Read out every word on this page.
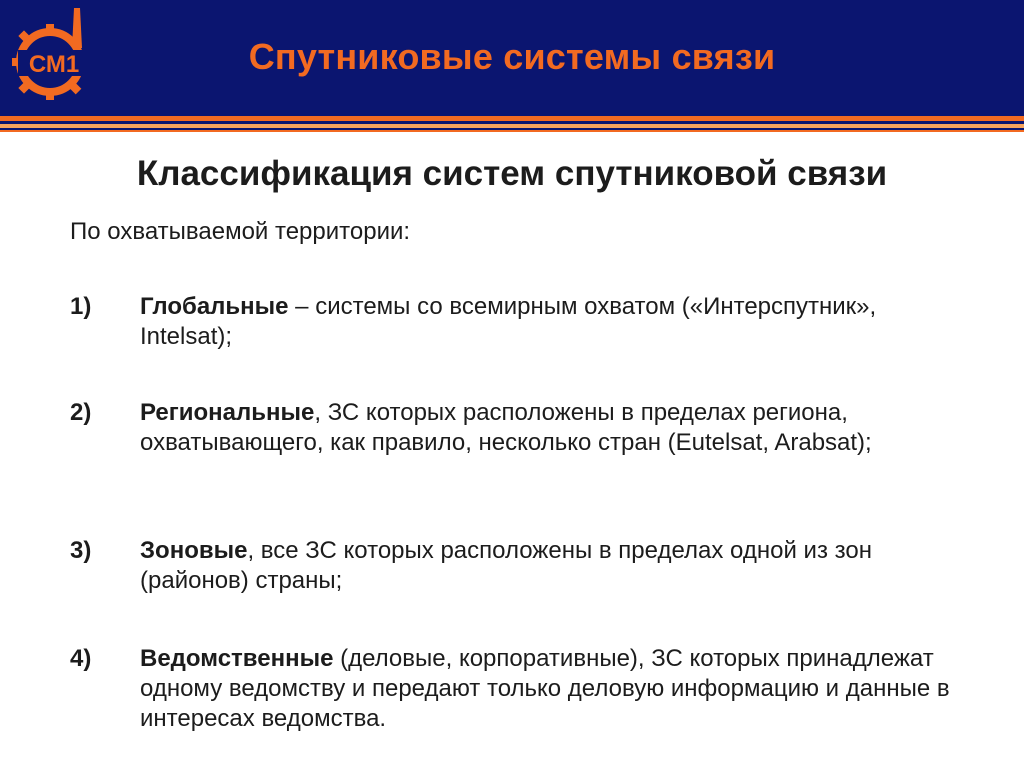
СМ1	Спутниковые системы связи
Классификация систем спутниковой связи
По охватываемой территории:
1)	Глобальные – системы со всемирным охватом («Интерспутник», Intelsat);
2)	Региональные, ЗС которых расположены в пределах региона, охватывающего, как правило, несколько стран (Eutelsat, Arabsat);
3)	Зоновые, все ЗС которых расположены в пределах одной из зон (районов) страны;
4)	Ведомственные (деловые, корпоративные), ЗС которых принадлежат одному ведомству и передают только деловую информацию и данные в интересах ведомства.
